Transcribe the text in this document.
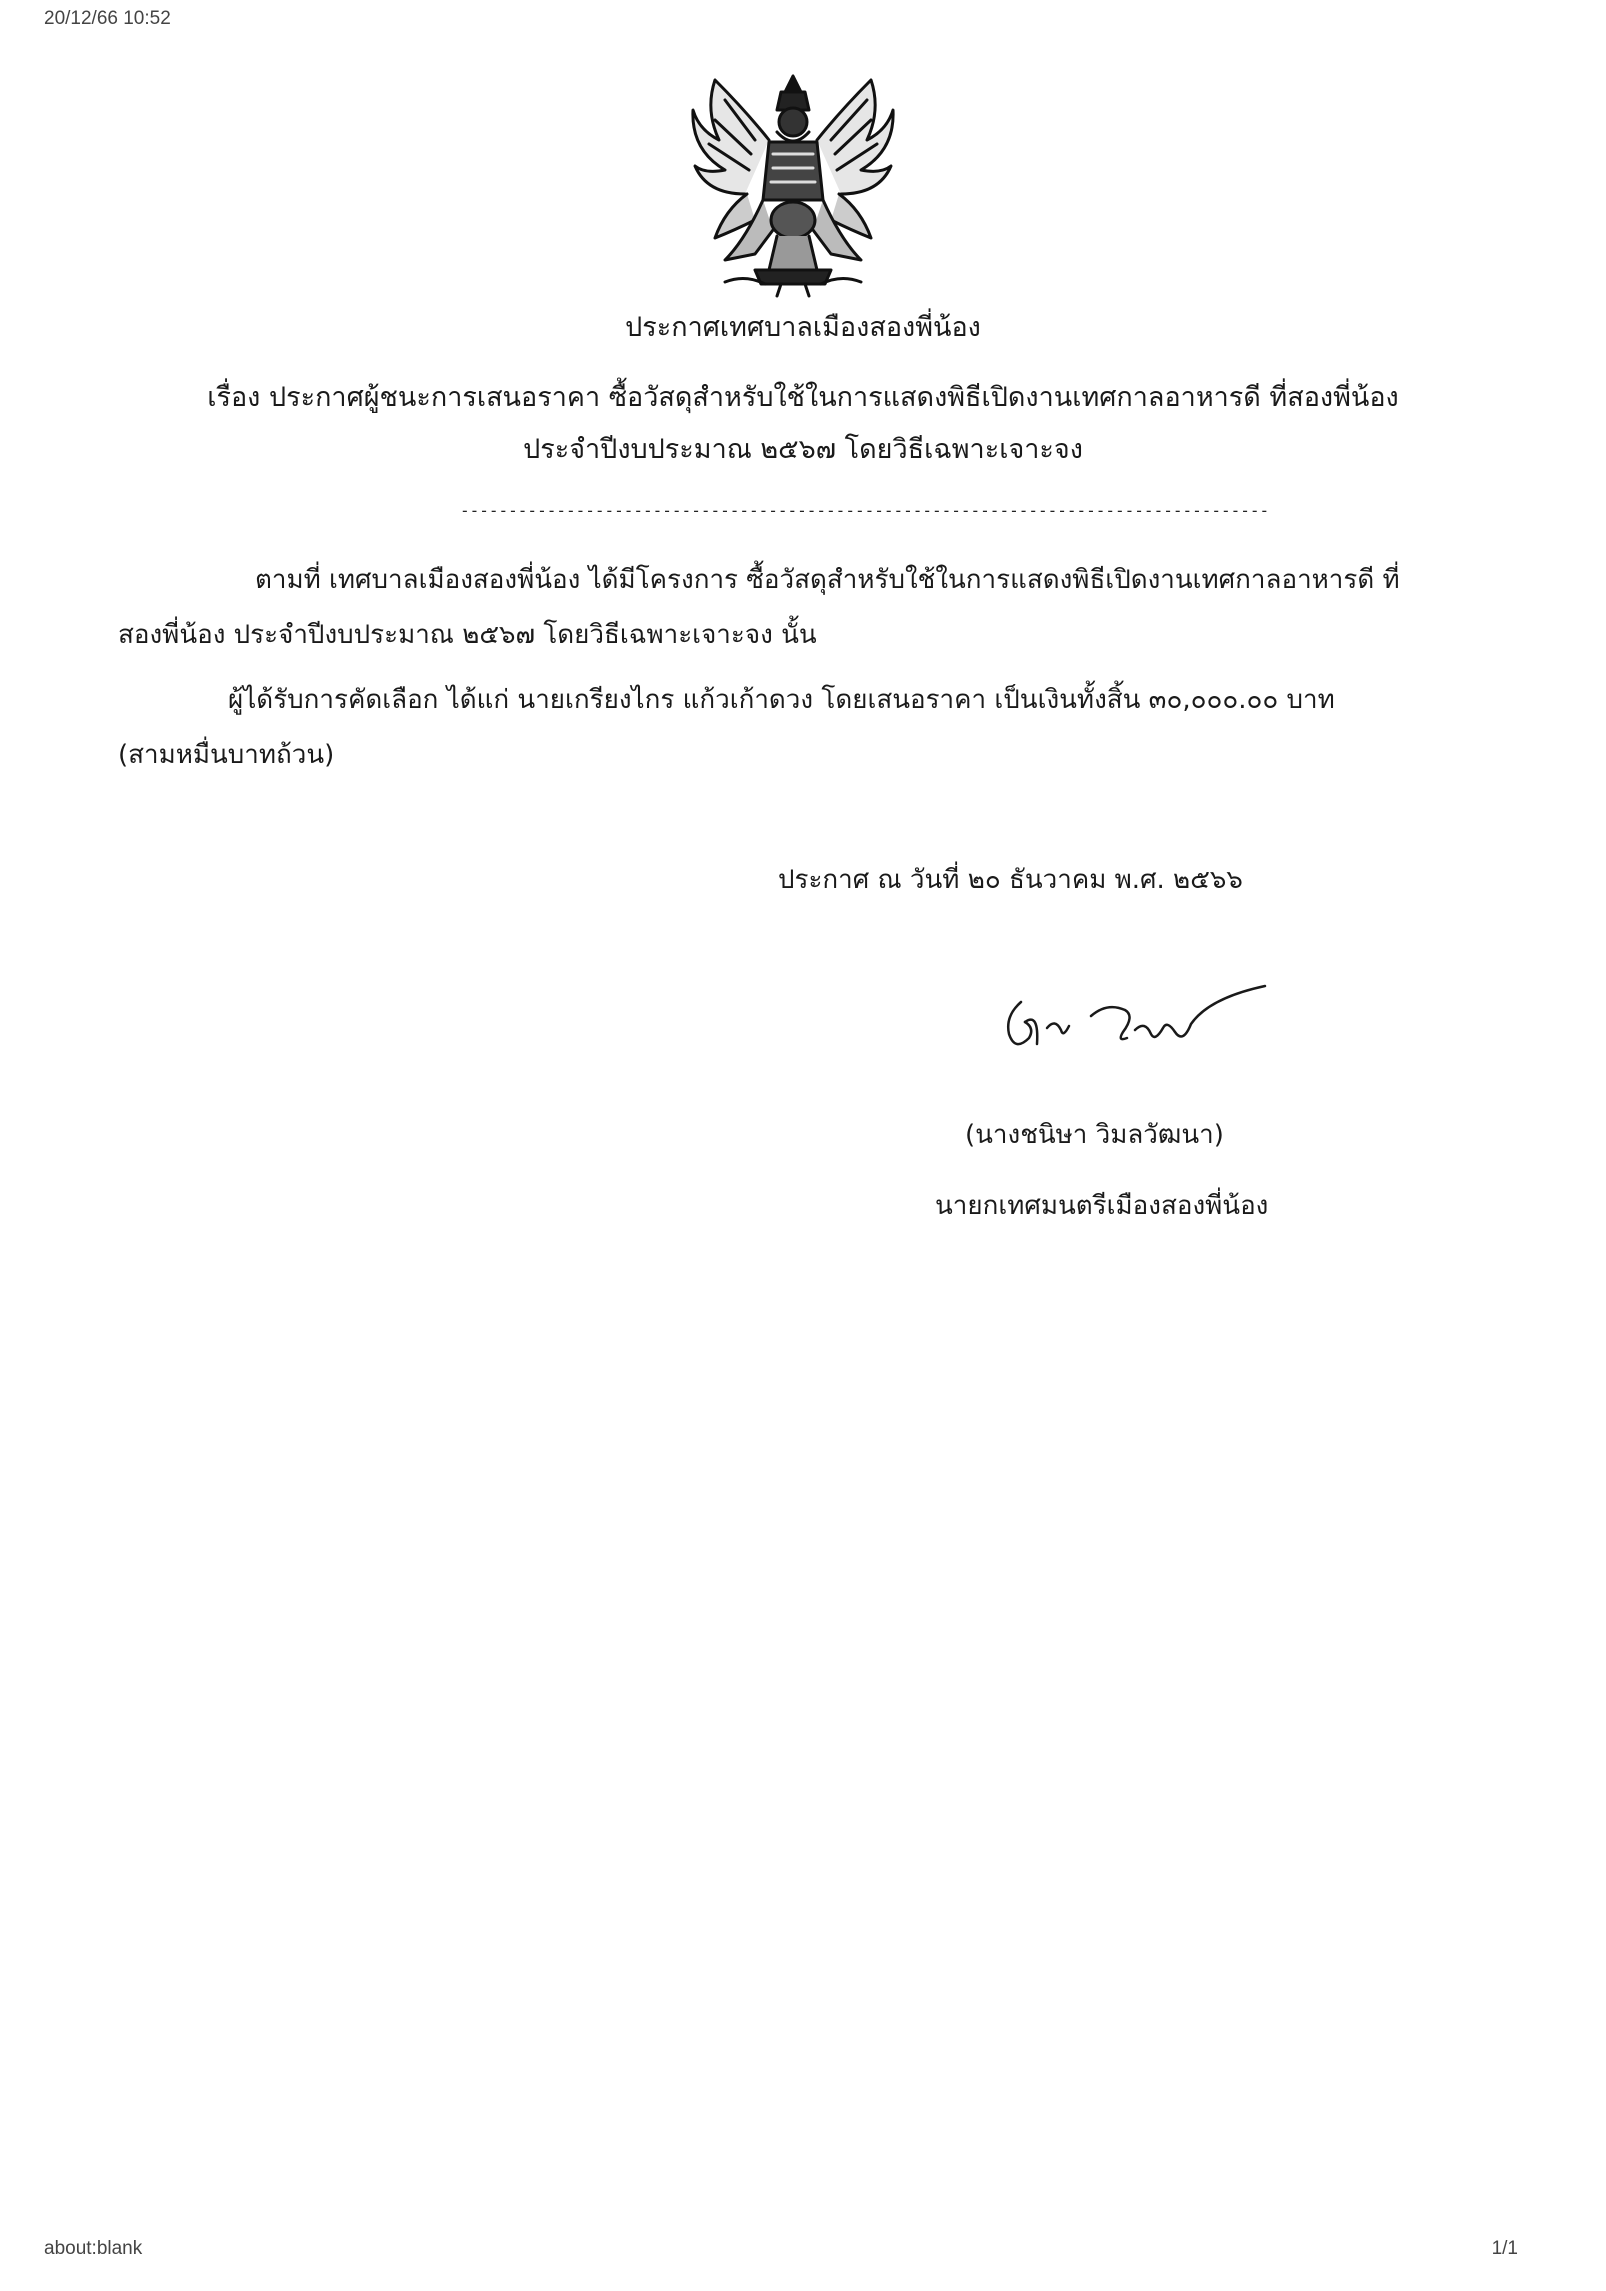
20/12/66 10:52
ประกาศเทศบาลเมืองสองพี่น้อง
เรื่อง ประกาศผู้ชนะการเสนอราคา ซื้อวัสดุสำหรับใช้ในการแสดงพิธีเปิดงานเทศกาลอาหารดี ที่สองพี่น้อง
ประจำปีงบประมาณ ๒๕๖๗ โดยวิธีเฉพาะเจาะจง
------------------------------------------------------------------------------------
ตามที่ เทศบาลเมืองสองพี่น้อง ได้มีโครงการ ซื้อวัสดุสำหรับใช้ในการแสดงพิธีเปิดงานเทศกาลอาหารดี ที่
สองพี่น้อง ประจำปีงบประมาณ ๒๕๖๗ โดยวิธีเฉพาะเจาะจง นั้น
ผู้ได้รับการคัดเลือก ได้แก่ นายเกรียงไกร แก้วเก้าดวง โดยเสนอราคา เป็นเงินทั้งสิ้น ๓๐,๐๐๐.๐๐ บาท
(สามหมื่นบาทถ้วน)
ประกาศ ณ วันที่ ๒๐ ธันวาคม พ.ศ. ๒๕๖๖
(นางชนิษา วิมลวัฒนา)
นายกเทศมนตรีเมืองสองพี่น้อง
about:blank	1/1
